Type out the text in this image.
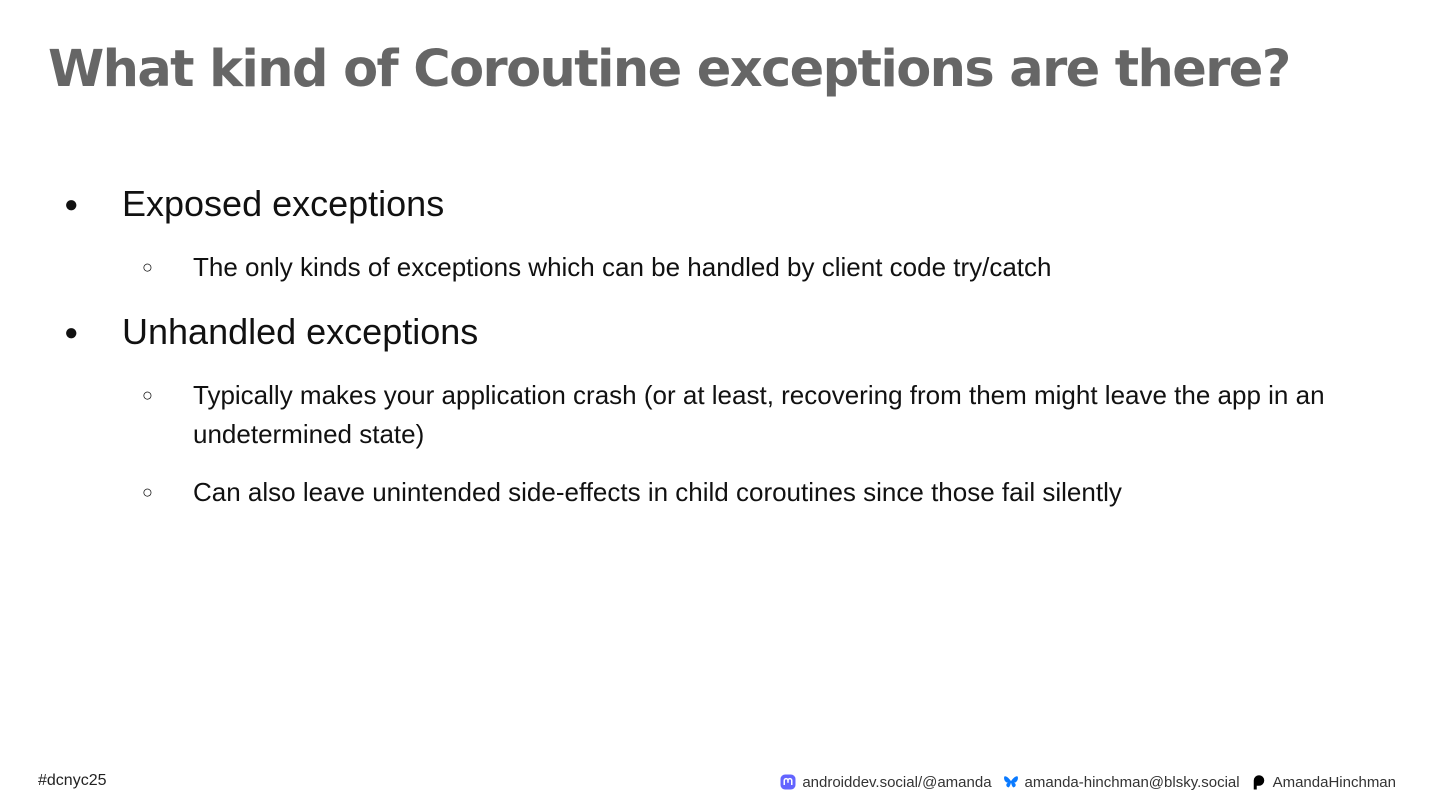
What kind of Coroutine exceptions are there?
●	Exposed exceptions
○	The only kinds of exceptions which can be handled by client code try/catch
●	Unhandled exceptions
○	Typically makes your application crash (or at least, recovering from them might leave the app in an undetermined state)
○	Can also leave unintended side-effects in child coroutines since those fail silently
#dcnyc25	androiddev.social/@amanda amanda-hinchman@blsky.social AmandaHinchman
